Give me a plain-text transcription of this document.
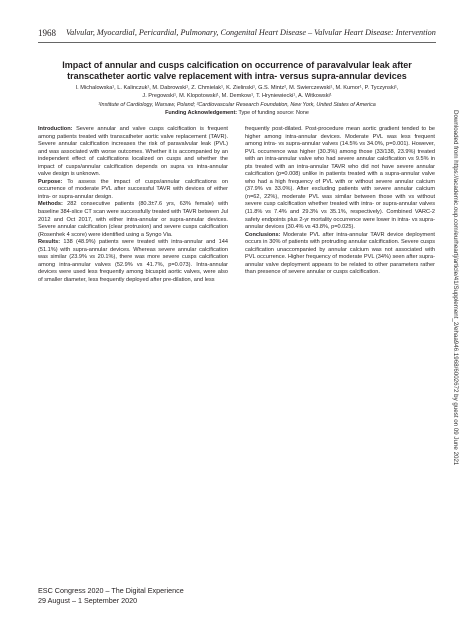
1968 Valvular, Myocardial, Pericardial, Pulmonary, Congenital Heart Disease – Valvular Heart Disease: Intervention
Impact of annular and cusps calcification on occurrence of paravalvular leak after transcatheter aortic valve replacement with intra- versus supra-annular devices
I. Michalowska¹, L. Kalinczuk¹, M. Dabrowski¹, Z. Chmielak¹, K. Zielinski¹, G.S. Mintz², M. Swierczewski¹, M. Kumor¹, P. Tyczynski¹,
J. Pregowski¹, M. Klopotowski¹, M. Demkow¹, T. Hryniewiecki¹, A. Witkowski¹
¹Institute of Cardiology, Warsaw, Poland; ²Cardiovascular Research Foundation, New York, United States of America
Funding Acknowledgement: Type of funding source: None

Introduction: Severe annular and valve cusps calcification is frequent among patients treated with transcatheter aortic valve replacement (TAVR). Severe annular calcification increases the risk of paravalvular leak (PVL) and was associated with worse outcomes. Whether it is accompanied by an independent effect of calcifications localized on cusps and whether the impact of cusps/annular calcification depends on supra vs intra-annular valve design is unknown.

Purpose: To assess the impact of cusps/annular calcifications on occurrence of moderate PVL after successful TAVR with devices of either intra- or supra-annular design.

Methods: 282 consecutive patients (80.3±7.6 yrs, 63% female) with baseline 384-slice CT scan were successfully treated with TAVR between Jul 2012 and Oct 2017, with either intra-annular or supra-annular devices. Severe annular calcification (clear protrusion) and severe cusps calcification (Rosenhek 4 score) were identified using a Syngo Via.

Results: 138 (48.9%) patients were treated with intra-annular and 144 (51.1%) with supra-annular devices. Whereas severe annular calcification was similar (23.9% vs 20.1%), there was more severe cusps calcification among intra-annular valves (52.9% vs 41.7%, p=0.073). Intra-annular devices were used less frequently among bicuspid aortic valves, were also of smaller diameter, less frequently deployed after pre-dilation, and less

frequently post-dilated. Post-procedure mean aortic gradient tended to be higher among intra-annular devices. Moderate PVL was less frequent among intra- vs supra-annular valves (14.5% vs 34.0%, p=0.001). However, PVL occurrence was higher (30.3%) among those (33/138, 23.9%) treated with an intra-annular valve who had severe annular calcification vs 9.5% in pts treated with an intra-annular TAVR who did not have severe annular calcification (p=0.008) unlike in patients treated with a supra-annular valve who had a high frequency of PVL with or without severe annular calcium (37.9% vs 33.0%). After excluding patients with severe annular calcium (n=62, 22%), moderate PVL was similar between those with vs without severe cusp calcification whether treated with intra- or supra-annular valves (11.8% vs 7.4% and 29.3% vs 35.1%, respectively). Combined VARC-2 safety endpoints plus 2-yr mortality occurrence were lower in intra- vs supra-annular devices (30.4% vs 43.8%, p=0.025).

Conclusions: Moderate PVL after intra-annular TAVR device deployment occurs in 30% of patients with protruding annular calcification. Severe cusps calcification unaccompanied by annular calcium was not associated with PVL occurrence. Higher frequency of moderate PVL (34%) seen after supra-annular valve deployment appears to be related to other parameters rather than presence of severe annular or cusps calcification.

ESC Congress 2020 – The Digital Experience
29 August – 1 September 2020
Downloaded from https://academic.oup.com/eurheartj/article/41/Supplement_2/ehaa946.1968/6002672 by guest on 09 June 2021
